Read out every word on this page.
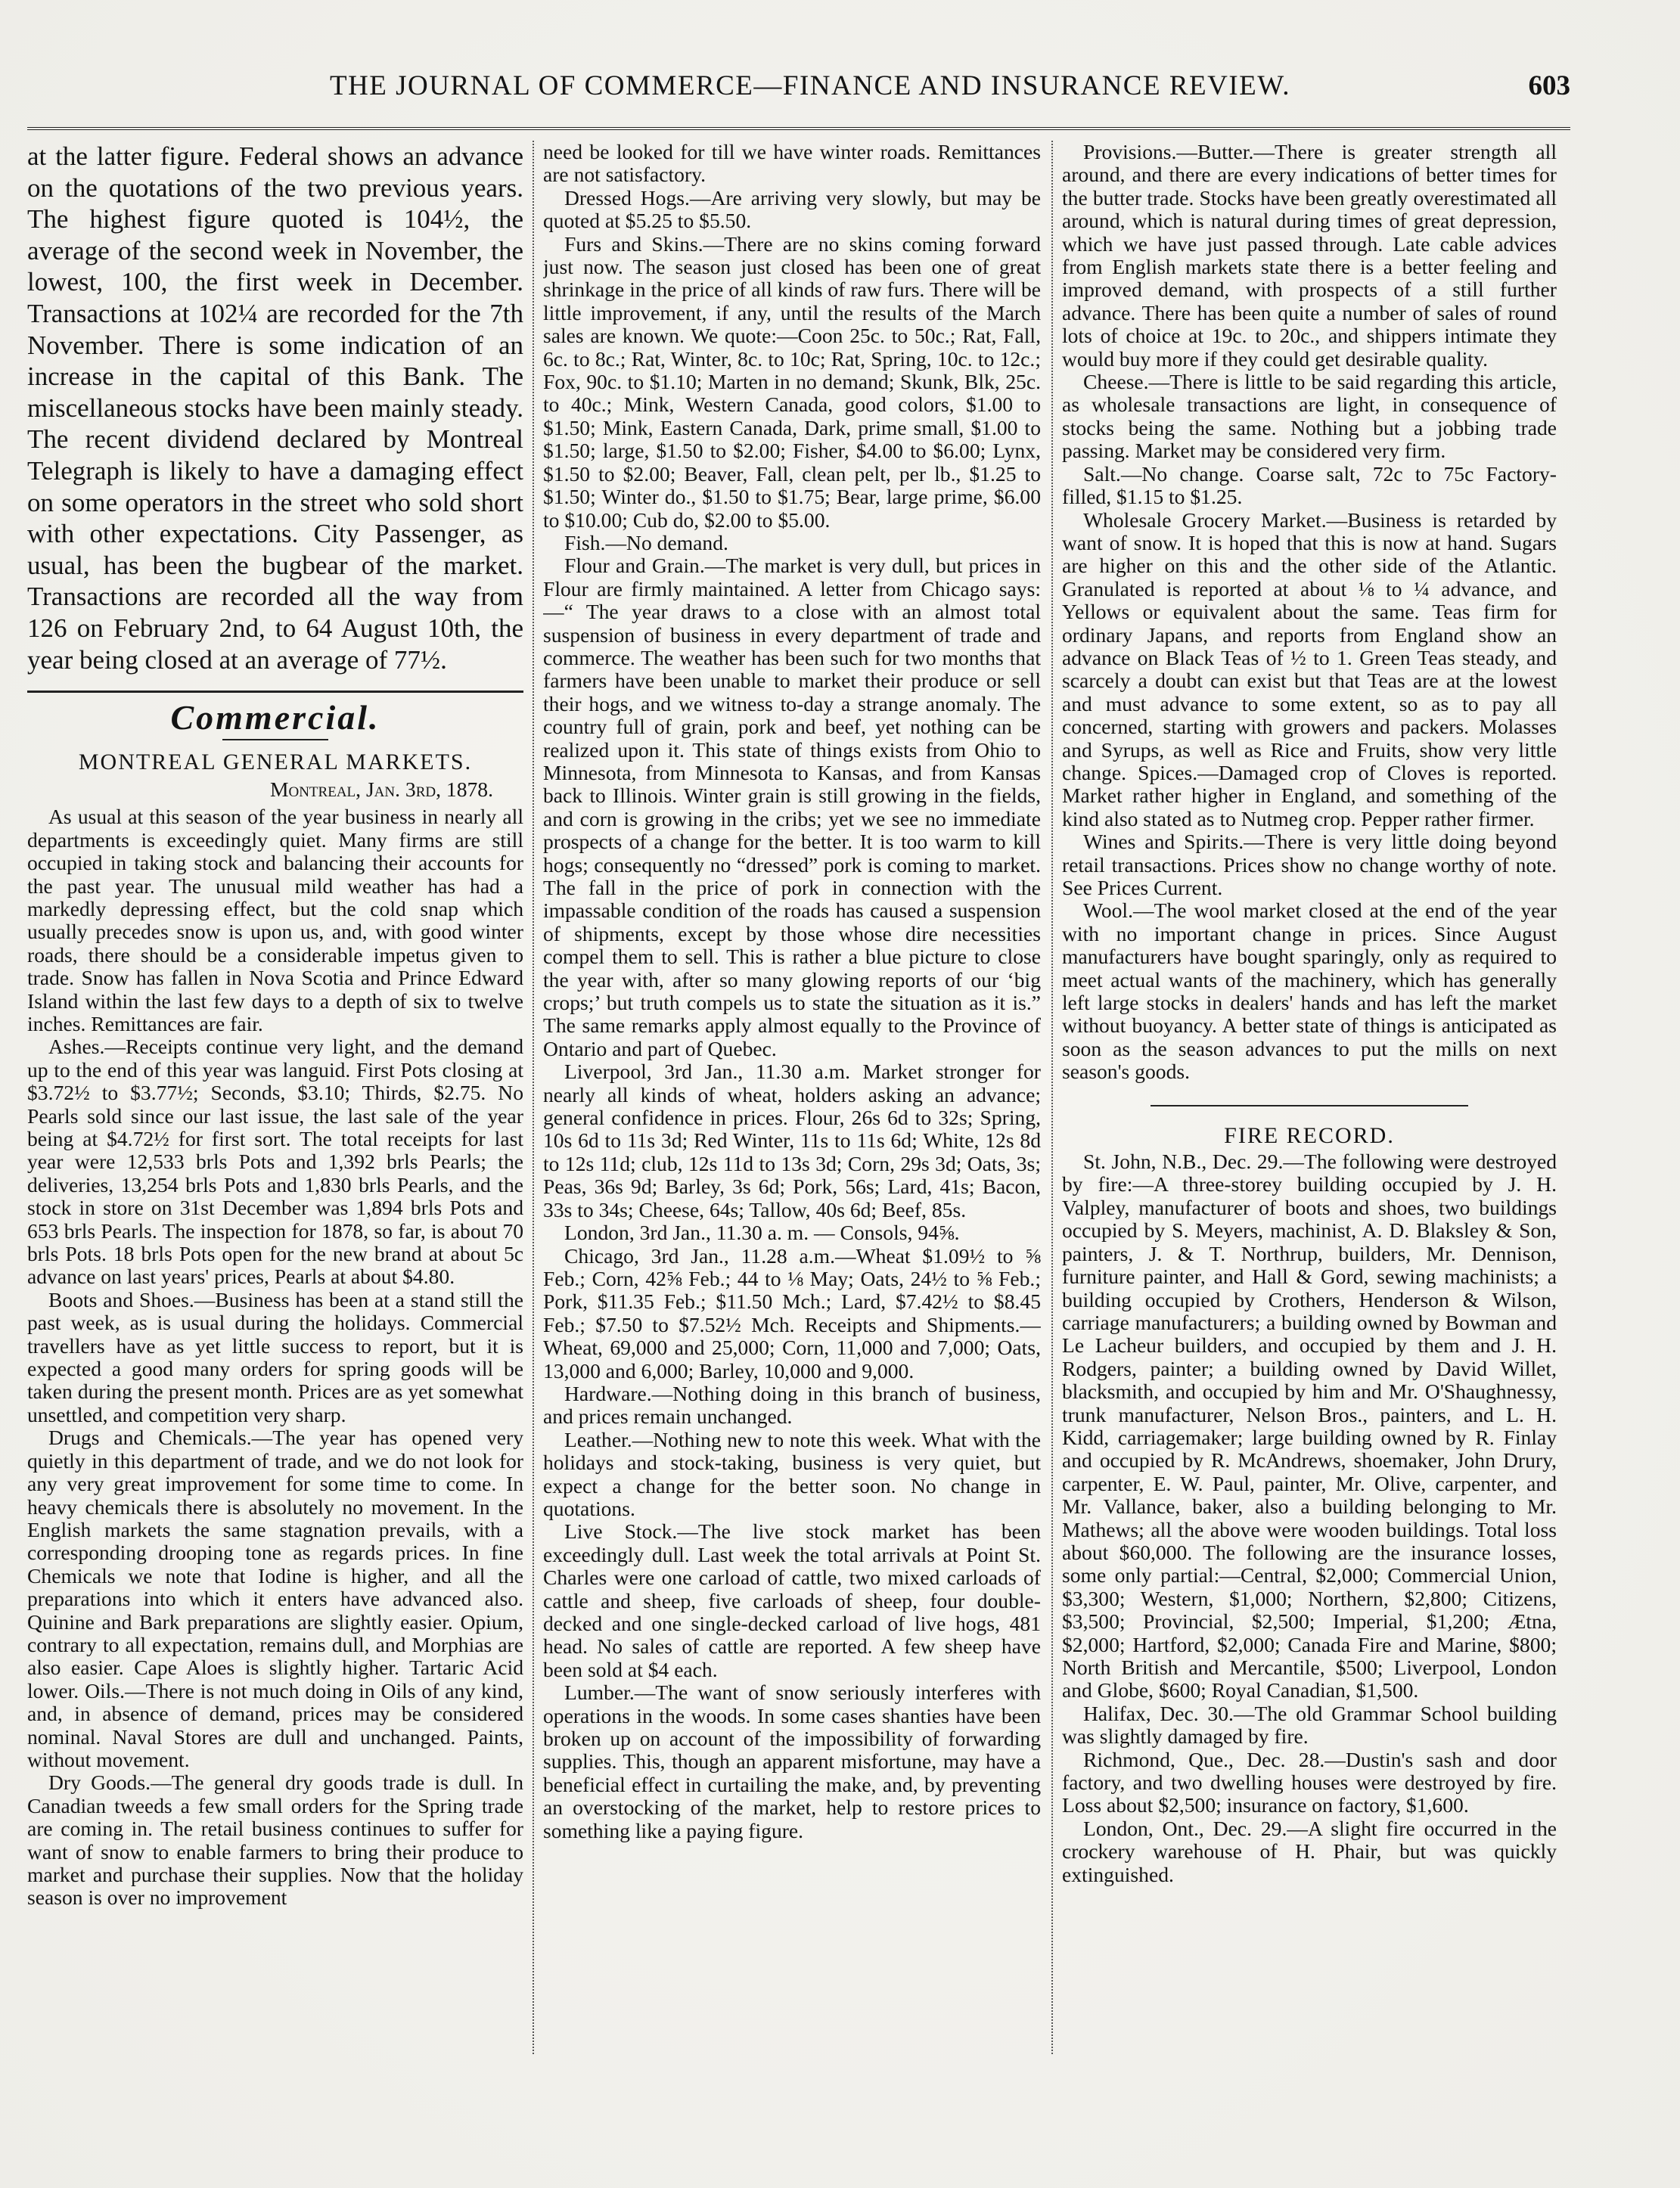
THE JOURNAL OF COMMERCE—FINANCE AND INSURANCE REVIEW.	603

at the latter figure. Federal shows an advance on the quotations of the two previous years. The highest figure quoted is 104½, the average of the second week in November, the lowest, 100, the first week in December. Transactions at 102¼ are recorded for the 7th November. There is some indication of an increase in the capital of this Bank. The miscellaneous stocks have been mainly steady. The recent dividend declared by Montreal Telegraph is likely to have a damaging effect on some operators in the street who sold short with other expectations. City Passenger, as usual, has been the bugbear of the market. Transactions are recorded all the way from 126 on February 2nd, to 64 August 10th, the year being closed at an average of 77½.

Commercial.
MONTREAL GENERAL MARKETS.
Montreal, Jan. 3rd, 1878.

As usual at this season of the year business in nearly all departments is exceedingly quiet. Many firms are still occupied in taking stock and balancing their accounts for the past year. The unusual mild weather has had a markedly depressing effect, but the cold snap which usually precedes snow is upon us, and, with good winter roads, there should be a considerable impetus given to trade. Snow has fallen in Nova Scotia and Prince Edward Island within the last few days to a depth of six to twelve inches. Remittances are fair.

Ashes.—Receipts continue very light, and the demand up to the end of this year was languid. First Pots closing at $3.72½ to $3.77½; Seconds, $3.10; Thirds, $2.75. No Pearls sold since our last issue, the last sale of the year being at $4.72½ for first sort. The total receipts for last year were 12,533 brls Pots and 1,392 brls Pearls; the deliveries, 13,254 brls Pots and 1,830 brls Pearls, and the stock in store on 31st December was 1,894 brls Pots and 653 brls Pearls. The inspection for 1878, so far, is about 70 brls Pots. 18 brls Pots open for the new brand at about 5c advance on last years' prices, Pearls at about $4.80.

Boots and Shoes.—Business has been at a stand still the past week, as is usual during the holidays. Commercial travellers have as yet little success to report, but it is expected a good many orders for spring goods will be taken during the present month. Prices are as yet somewhat unsettled, and competition very sharp.

Drugs and Chemicals.—The year has opened very quietly in this department of trade, and we do not look for any very great improvement for some time to come. In heavy chemicals there is absolutely no movement. In the English markets the same stagnation prevails, with a corresponding drooping tone as regards prices. In fine Chemicals we note that Iodine is higher, and all the preparations into which it enters have advanced also. Quinine and Bark preparations are slightly easier. Opium, contrary to all expectation, remains dull, and Morphias are also easier. Cape Aloes is slightly higher. Tartaric Acid lower. Oils.—There is not much doing in Oils of any kind, and, in absence of demand, prices may be considered nominal. Naval Stores are dull and unchanged. Paints, without movement.

Dry Goods.—The general dry goods trade is dull. In Canadian tweeds a few small orders for the Spring trade are coming in. The retail business continues to suffer for want of snow to enable farmers to bring their produce to market and purchase their supplies. Now that the holiday season is over no improvement

need be looked for till we have winter roads. Remittances are not satisfactory.

Dressed Hogs.—Are arriving very slowly, but may be quoted at $5.25 to $5.50.

Furs and Skins.—There are no skins coming forward just now. The season just closed has been one of great shrinkage in the price of all kinds of raw furs. There will be little improvement, if any, until the results of the March sales are known. We quote:—Coon 25c. to 50c.; Rat, Fall, 6c. to 8c.; Rat, Winter, 8c. to 10c; Rat, Spring, 10c. to 12c.; Fox, 90c. to $1.10; Marten in no demand; Skunk, Blk, 25c. to 40c.; Mink, Western Canada, good colors, $1.00 to $1.50; Mink, Eastern Canada, Dark, prime small, $1.00 to $1.50; large, $1.50 to $2.00; Fisher, $4.00 to $6.00; Lynx, $1.50 to $2.00; Beaver, Fall, clean pelt, per lb., $1.25 to $1.50; Winter do., $1.50 to $1.75; Bear, large prime, $6.00 to $10.00; Cub do, $2.00 to $5.00.

Fish.—No demand.

Flour and Grain.—The market is very dull, but prices in Flour are firmly maintained. A letter from Chicago says:—“ The year draws to a close with an almost total suspension of business in every department of trade and commerce. The weather has been such for two months that farmers have been unable to market their produce or sell their hogs, and we witness to-day a strange anomaly. The country full of grain, pork and beef, yet nothing can be realized upon it. This state of things exists from Ohio to Minnesota, from Minnesota to Kansas, and from Kansas back to Illinois. Winter grain is still growing in the fields, and corn is growing in the cribs; yet we see no immediate prospects of a change for the better. It is too warm to kill hogs; consequently no “dressed” pork is coming to market. The fall in the price of pork in connection with the impassable condition of the roads has caused a suspension of shipments, except by those whose dire necessities compel them to sell. This is rather a blue picture to close the year with, after so many glowing reports of our ‘big crops;’ but truth compels us to state the situation as it is.” The same remarks apply almost equally to the Province of Ontario and part of Quebec.

Liverpool, 3rd Jan., 11.30 a.m. Market stronger for nearly all kinds of wheat, holders asking an advance; general confidence in prices. Flour, 26s 6d to 32s; Spring, 10s 6d to 11s 3d; Red Winter, 11s to 11s 6d; White, 12s 8d to 12s 11d; club, 12s 11d to 13s 3d; Corn, 29s 3d; Oats, 3s; Peas, 36s 9d; Barley, 3s 6d; Pork, 56s; Lard, 41s; Bacon, 33s to 34s; Cheese, 64s; Tallow, 40s 6d; Beef, 85s.

London, 3rd Jan., 11.30 a. m. — Consols, 94⅝.

Chicago, 3rd Jan., 11.28 a.m.—Wheat $1.09½ to ⅝ Feb.; Corn, 42⅝ Feb.; 44 to ⅛ May; Oats, 24½ to ⅝ Feb.; Pork, $11.35 Feb.; $11.50 Mch.; Lard, $7.42½ to $8.45 Feb.; $7.50 to $7.52½ Mch. Receipts and Shipments.—Wheat, 69,000 and 25,000; Corn, 11,000 and 7,000; Oats, 13,000 and 6,000; Barley, 10,000 and 9,000.

Hardware.—Nothing doing in this branch of business, and prices remain unchanged.

Leather.—Nothing new to note this week. What with the holidays and stock-taking, business is very quiet, but expect a change for the better soon. No change in quotations.

Live Stock.—The live stock market has been exceedingly dull. Last week the total arrivals at Point St. Charles were one carload of cattle, two mixed carloads of cattle and sheep, five carloads of sheep, four double-decked and one single-decked carload of live hogs, 481 head. No sales of cattle are reported. A few sheep have been sold at $4 each.

Lumber.—The want of snow seriously interferes with operations in the woods. In some cases shanties have been broken up on account of the impossibility of forwarding supplies. This, though an apparent misfortune, may have a beneficial effect in curtailing the make, and, by preventing an overstocking of the market, help to restore prices to something like a paying figure.

Provisions.—Butter.—There is greater strength all around, and there are every indications of better times for the butter trade. Stocks have been greatly overestimated all around, which is natural during times of great depression, which we have just passed through. Late cable advices from English markets state there is a better feeling and improved demand, with prospects of a still further advance. There has been quite a number of sales of round lots of choice at 19c. to 20c., and shippers intimate they would buy more if they could get desirable quality.

Cheese.—There is little to be said regarding this article, as wholesale transactions are light, in consequence of stocks being the same. Nothing but a jobbing trade passing. Market may be considered very firm.

Salt.—No change. Coarse salt, 72c to 75c Factory-filled, $1.15 to $1.25.

Wholesale Grocery Market.—Business is retarded by want of snow. It is hoped that this is now at hand. Sugars are higher on this and the other side of the Atlantic. Granulated is reported at about ⅛ to ¼ advance, and Yellows or equivalent about the same. Teas firm for ordinary Japans, and reports from England show an advance on Black Teas of ½ to 1. Green Teas steady, and scarcely a doubt can exist but that Teas are at the lowest and must advance to some extent, so as to pay all concerned, starting with growers and packers. Molasses and Syrups, as well as Rice and Fruits, show very little change. Spices.—Damaged crop of Cloves is reported. Market rather higher in England, and something of the kind also stated as to Nutmeg crop. Pepper rather firmer.

Wines and Spirits.—There is very little doing beyond retail transactions. Prices show no change worthy of note. See Prices Current.

Wool.—The wool market closed at the end of the year with no important change in prices. Since August manufacturers have bought sparingly, only as required to meet actual wants of the machinery, which has generally left large stocks in dealers' hands and has left the market without buoyancy. A better state of things is anticipated as soon as the season advances to put the mills on next season's goods.

FIRE RECORD.

St. John, N.B., Dec. 29.—The following were destroyed by fire:—A three-storey building occupied by J. H. Valpley, manufacturer of boots and shoes, two buildings occupied by S. Meyers, machinist, A. D. Blaksley & Son, painters, J. & T. Northrup, builders, Mr. Dennison, furniture painter, and Hall & Gord, sewing machinists; a building occupied by Crothers, Henderson & Wilson, carriage manufacturers; a building owned by Bowman and Le Lacheur builders, and occupied by them and J. H. Rodgers, painter; a building owned by David Willet, blacksmith, and occupied by him and Mr. O'Shaughnessy, trunk manufacturer, Nelson Bros., painters, and L. H. Kidd, carriagemaker; large building owned by R. Finlay and occupied by R. McAndrews, shoemaker, John Drury, carpenter, E. W. Paul, painter, Mr. Olive, carpenter, and Mr. Vallance, baker, also a building belonging to Mr. Mathews; all the above were wooden buildings. Total loss about $60,000. The following are the insurance losses, some only partial:—Central, $2,000; Commercial Union, $3,300; Western, $1,000; Northern, $2,800; Citizens, $3,500; Provincial, $2,500; Imperial, $1,200; Ætna, $2,000; Hartford, $2,000; Canada Fire and Marine, $800; North British and Mercantile, $500; Liverpool, London and Globe, $600; Royal Canadian, $1,500.

Halifax, Dec. 30.—The old Grammar School building was slightly damaged by fire.

Richmond, Que., Dec. 28.—Dustin's sash and door factory, and two dwelling houses were destroyed by fire. Loss about $2,500; insurance on factory, $1,600.

London, Ont., Dec. 29.—A slight fire occurred in the crockery warehouse of H. Phair, but was quickly extinguished.
